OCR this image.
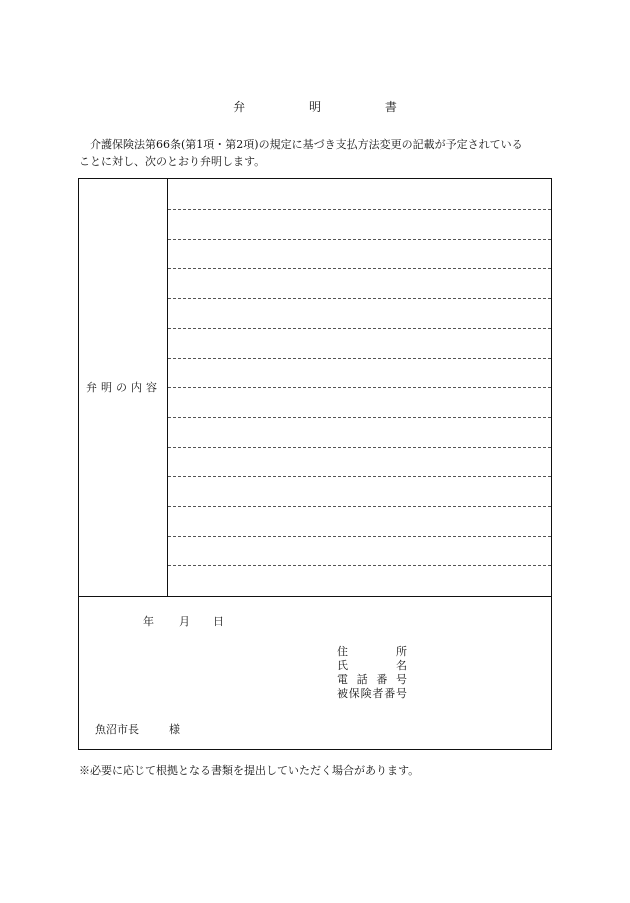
弁	明	書
介護保険法第66条(第1項・第2項)の規定に基づき支払方法変更の記載が予定されている
ことに対し、次のとおり弁明します。
弁明の内容
年 月 日
住	所
氏	名
電 話 番 号
被 保 険 者 番 号
魚沼市長	様
※必要に応じて根拠となる書類を提出していただく場合があります。
